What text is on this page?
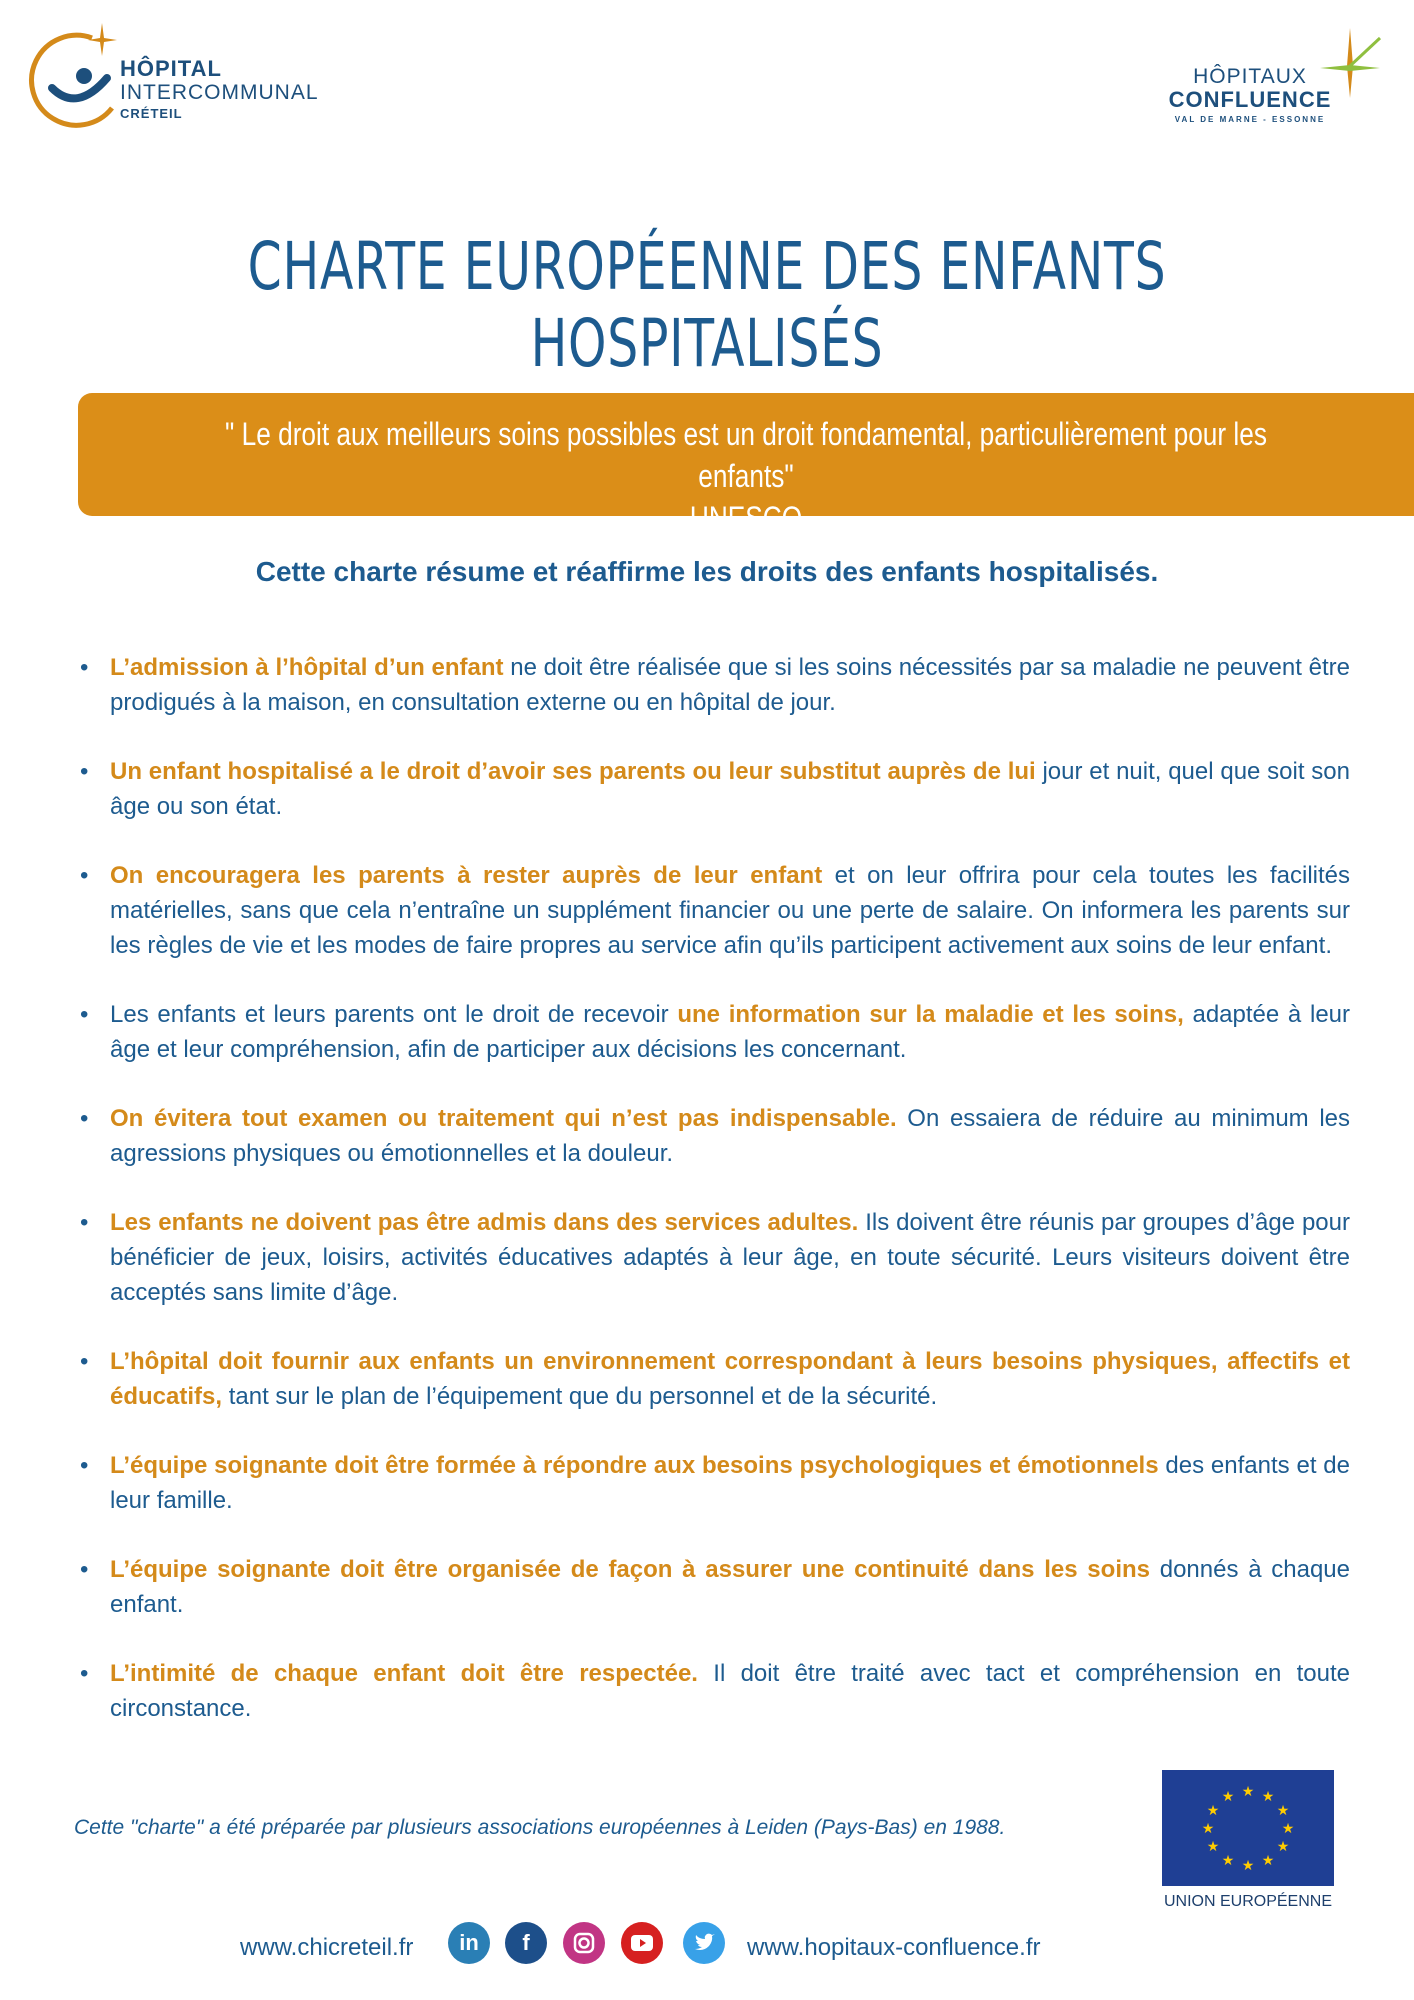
HÔPITAL
INTERCOMMUNAL
CRÉTEIL
HÔPITAUX
CONFLUENCE
VAL DE MARNE - ESSONNE
CHARTE EUROPÉENNE DES ENFANTS HOSPITALISÉS
" Le droit aux meilleurs soins possibles est un droit fondamental, particulièrement pour les enfants"
UNESCO
Cette charte résume et réaffirme les droits des enfants hospitalisés.
• L’admission à l’hôpital d’un enfant ne doit être réalisée que si les soins nécessités par sa maladie ne peuvent être prodigués à la maison, en consultation externe ou en hôpital de jour.
• Un enfant hospitalisé a le droit d’avoir ses parents ou leur substitut auprès de lui jour et nuit, quel que soit son âge ou son état.
• On encouragera les parents à rester auprès de leur enfant et on leur offrira pour cela toutes les facilités matérielles, sans que cela n’entraîne un supplément financier ou une perte de salaire. On informera les parents sur les règles de vie et les modes de faire propres au service afin qu’ils participent activement aux soins de leur enfant.
• Les enfants et leurs parents ont le droit de recevoir une information sur la maladie et les soins, adaptée à leur âge et leur compréhension, afin de participer aux décisions les concernant.
• On évitera tout examen ou traitement qui n’est pas indispensable. On essaiera de réduire au minimum les agressions physiques ou émotionnelles et la douleur.
• Les enfants ne doivent pas être admis dans des services adultes. Ils doivent être réunis par groupes d’âge pour bénéficier de jeux, loisirs, activités éducatives adaptés à leur âge, en toute sécurité. Leurs visiteurs doivent être acceptés sans limite d’âge.
• L’hôpital doit fournir aux enfants un environnement correspondant à leurs besoins physiques, affectifs et éducatifs, tant sur le plan de l’équipement que du personnel et de la sécurité.
• L’équipe soignante doit être formée à répondre aux besoins psychologiques et émotionnels des enfants et de leur famille.
• L’équipe soignante doit être organisée de façon à assurer une continuité dans les soins donnés à chaque enfant.
• L’intimité de chaque enfant doit être respectée. Il doit être traité avec tact et compréhension en toute circonstance.
Cette "charte" a été préparée par plusieurs associations européennes à Leiden (Pays-Bas) en 1988.
★ ★
★
★
★
★
★
★
★
★
★
★
UNION EUROPÉENNE
www.chicreteil.fr	in	f	www.hopitaux-confluence.fr
